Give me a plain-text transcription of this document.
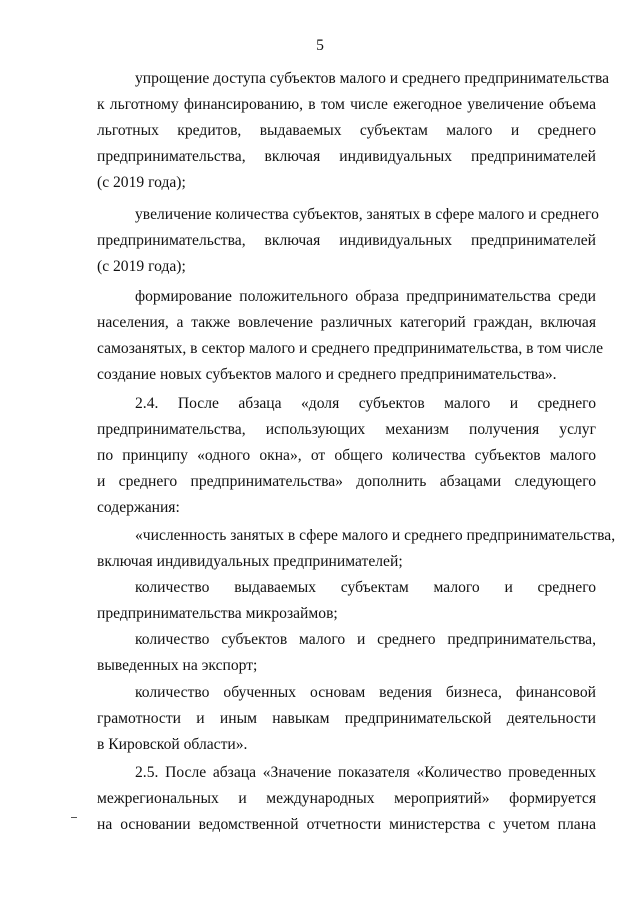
5
упрощение доступа субъектов малого и среднего предпринимательства
к льготному финансированию, в том числе ежегодное увеличение объема
льготных кредитов, выдаваемых субъектам малого и среднего
предпринимательства, включая индивидуальных предпринимателей
(с 2019 года);
увеличение количества субъектов, занятых в сфере малого и среднего
предпринимательства, включая индивидуальных предпринимателей
(с 2019 года);
формирование положительного образа предпринимательства среди
населения, а также вовлечение различных категорий граждан, включая
самозанятых, в сектор малого и среднего предпринимательства, в том числе
создание новых субъектов малого и среднего предпринимательства».
2.4. После абзаца «доля субъектов малого и среднего
предпринимательства, использующих механизм получения услуг
по принципу «одного окна», от общего количества субъектов малого
и среднего предпринимательства» дополнить абзацами следующего
содержания:
«численность занятых в сфере малого и среднего предпринимательства,
включая индивидуальных предпринимателей;
количество выдаваемых субъектам малого и среднего
предпринимательства микрозаймов;
количество субъектов малого и среднего предпринимательства,
выведенных на экспорт;
количество обученных основам ведения бизнеса, финансовой
грамотности и иным навыкам предпринимательской деятельности
в Кировской области».
2.5. После абзаца «Значение показателя «Количество проведенных
межрегиональных и международных мероприятий» формируется
на основании ведомственной отчетности министерства с учетом плана
